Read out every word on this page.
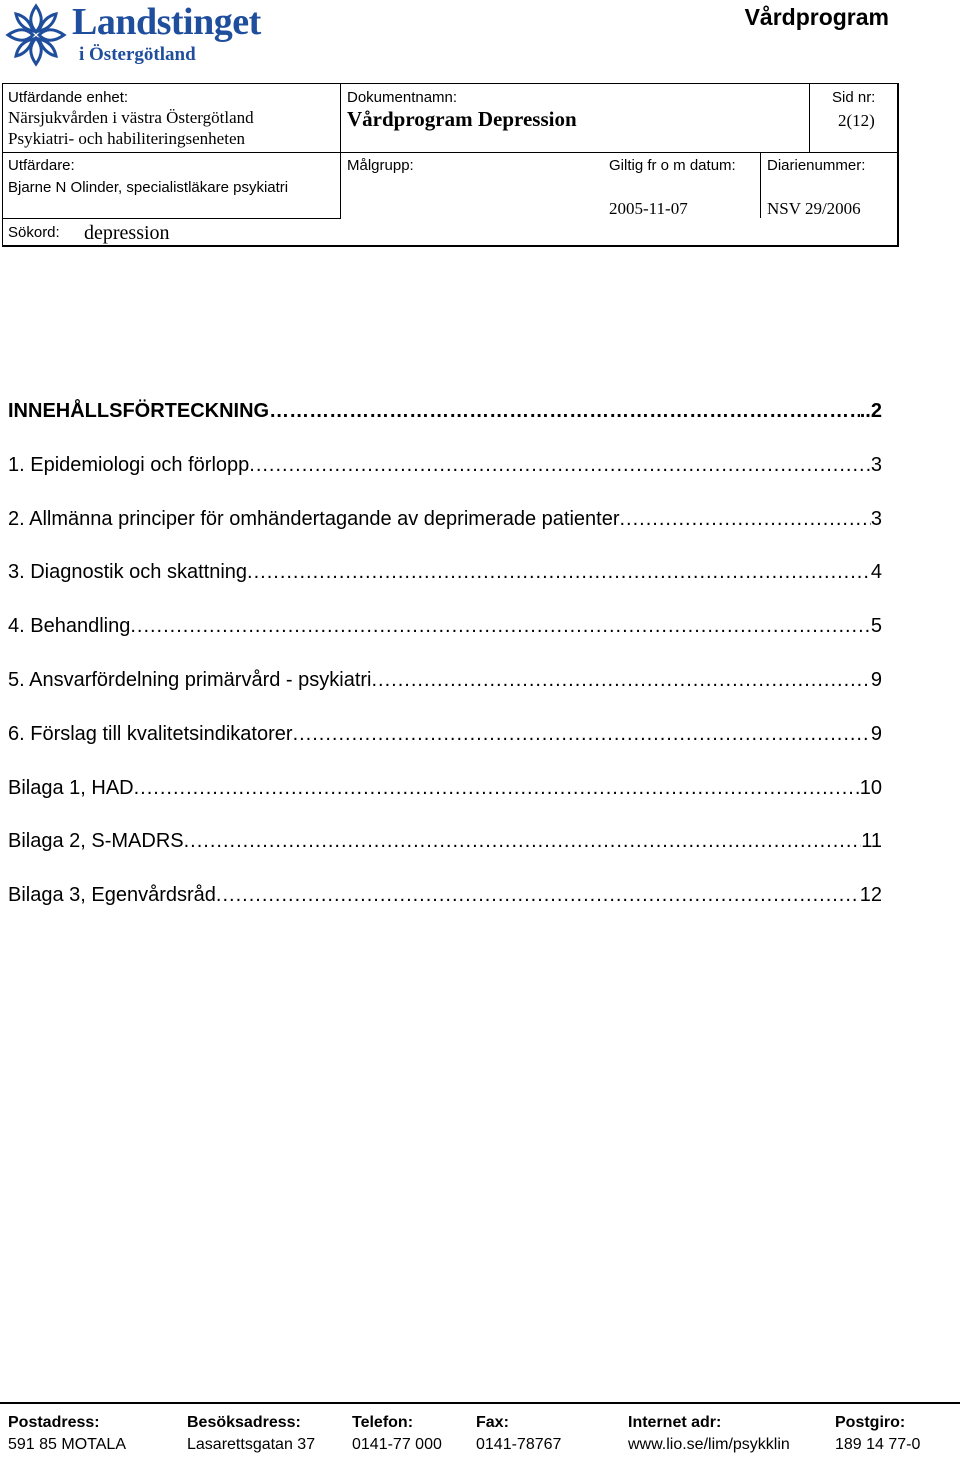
Landstinget
i Östergötland
Vårdprogram
Utfärdande enhet:
Närsjukvården i västra Östergötland
Psykiatri- och habiliteringsenheten
Dokumentnamn:
Vårdprogram Depression
Sid nr:
2(12)
Utfärdare:
Bjarne N Olinder, specialistläkare psykiatri
Målgrupp:	Giltig fr o m datum:
2005-11-07
Diarienummer:
NSV 29/2006
Sökord: depression
INNEHÅLLSFÖRTECKNING ……………………………………………………………………………………………………………………………………………………………………………………………	..2
1. Epidemiologi och förlopp .....	3
2. Allmänna principer för omhändertagande av deprimerade patienter .....	3
3. Diagnostik och skattning .....	4
4. Behandling .....	5
5. Ansvarfördelning primärvård - psykiatri .....	9
6. Förslag till kvalitetsindikatorer .....	9
Bilaga 1, HAD .....	10
Bilaga 2, S-MADRS .....	11
Bilaga 3, Egenvårdsråd .....	12
Postadress:
591 85 MOTALA
Besöksadress:
Lasarettsgatan 37
Telefon:
0141-77 000
Fax:
0141-78767
Internet adr:
www.lio.se/lim/psykklin
Postgiro:
189 14 77-0
